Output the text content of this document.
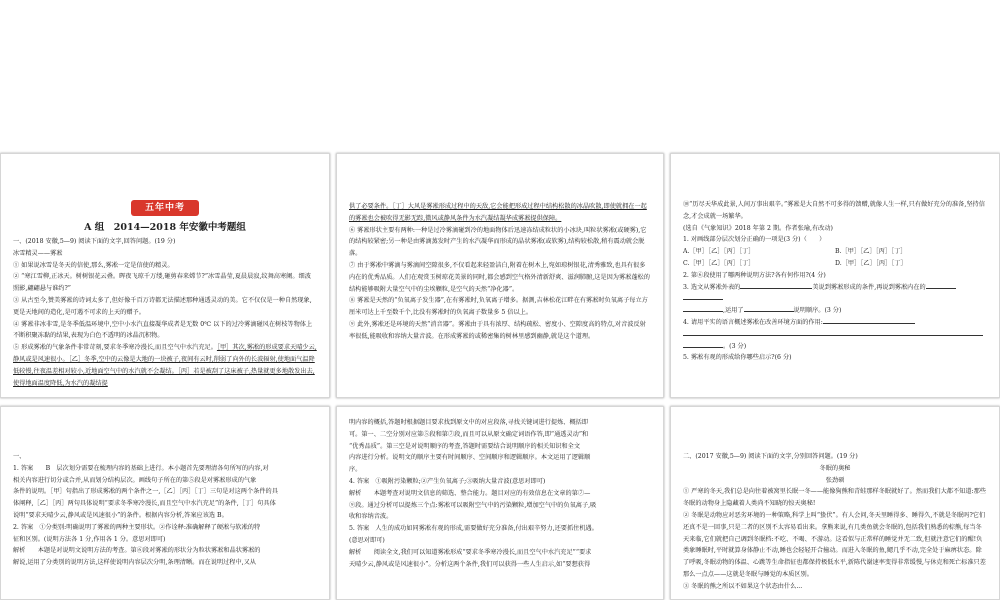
五年中考
A 组　2014—2018 年安徽中考题组
一、(2018 安徽,5—9) 阅读下面的文字,回答问题。(19 分)
冰雪精灵——雾凇
① 如果说冰雪是冬天的信使,那么,雾凇一定是信使的精灵。
② “寒江雪柳,正冰天。树树银花云叠。晖夜飞琼千万缕,砸剪春来嫦节?”冰雪晶莹,夏晨晨寂,纹舞高寒阑。细波照影,翩翩悬与谁约?”
③ 从古至今,赞美雾凇的诗词太多了,但好像千百万诗都无法描述那种通透灵动的美。它不仅仅是一种自然现象,更是天地间的造化,是可遇不可求的上天的赠予。
④ 雾凇非冰非雪,是冬季低温环境中,空中小水汽直接凝华成者是无数 0℃ 以下的过冷雾滴碰风在树枝等物体上不断积聚冻黏的结果,表现为白色不透明的冰晶沉积物。
⑤ 形成雾凇的气象条件非常苛刻,要求冬季寒冷漫长,而且空气中水汽充足。［甲］其次,雾凇的形成要求天晴少云,静风或是风速很小。［乙］冬季,空中的云像是大地的一块被子,夜间有云时,削弱了向外的长波辐射,使地面气温降低较慢,往夜温差相对较小,近地面空气中的水汽就不会凝结。［丙］若是被刮了这床被子,热量就更多地散发出去,使得地面温度降低,为水汽的凝结提
供了必要条件。［丁］大风是雾凇形成过程中的天敌,它会能把形成过程中结构松散的冰晶吹散,即使就拥在一起的雾凇也会被吹得无影无踪,微风或静风条件为水汽凝结凝华成雾凇提供保障。
⑥ 雾凇形状主要有两种:一种是过冷雾滴碰到冷的地面物体后迅速冻结成粒状的小冰块,叫粒状雾凇(或硬雾),它的结构较紧密;另一种是由雾滴蒸发时产生的水汽凝华而形成的晶状雾凇(或软雾),结构较松散,稍有震动就会脱落。
⑦ 由于雾凇中雾滴与雾滴间空隙很多,不仅看起来轻盈洁白,附着在树木上,宛如琼树银花,清秀雅致,也具有很多内在的优秀品质。人们在观赏玉树琼花美景的同时,都会感到空气格外清新舒爽、滋润肺腑,这是因为雾凇蓬松的结构能够吸附大量空气中的尘埃颗粒,是空气的天然“净化器”。
⑧ 雾凇是天然的“负氧离子发生器”,在有雾凇时,负氧离子增多。据测,吉林松花江畔在有雾凇时负氧离子每立方厘米可达上千至数千个,比没有雾凇时的负氧离子数量多 5 倍以上。
⑨ 此外,雾凇还是环境的天然“消音器”。雾凇由于具有浓厚、结构疏松、密度小、空隙度高的特点,对音波反射率很低,能吸收和容纳大量音波。在形成雾凇的或稀密集的树林里感到幽静,就是这个道理。
⑩“历尽天华成此景,人间万事出艰辛。”雾凇是大自然不可多得的馈赠,就像人生一样,只有做好充分的准备,坚持信念,才会成就一场繁华。
(选自《气象知识》2018 年第 2 期。作者张瑜,有改动)
1. 对画线部分层次划分正确的一项是(3 分)（　　）
A.［甲］［乙］［丙］［丁］	B.［甲］［乙］［丙］［丁］
C.［甲］［乙］［丙］［丁］	D.［甲］［乙］［丙］［丁］
2. 第⑥段使用了哪两种说明方法?各有何作用?(4 分)
3. 选文从雾凇外表的	美说到雾凇形成的条件,再说到雾凇内在的
,运用了	说明顺序。(3 分)
4. 请用平实的语言概述雾凇在改善环境方面的作用:
。(3 分)
5. 雾凇有观的形成给你哪些启示?(6 分)
一、
1. 答案　　B　层次划分需要在梳理内容的基础上进行。本小题首先要理清各句所写的内容,对
相关内容进行切分或合并,从而划分结构层次。画线句子所在的第⑤段是对雾凇形成的气象
条件的说明。［甲］句指出了形成雾凇的两个条件之一,［乙］［丙］［丁］三句是对这两个条件的具
体阐释,［乙］［丙］两句具体说明“要求冬季寒冷漫长,而且空气中水汽充足”的条件,［丁］句具体
说明“要求天晴少云,静风或是风速很小”的条件。根据内容分析,答案应该选 B。
2. 答案　①分类别:明确说明了雾凇的两种主要形状。②作诠释:准确解释了硬凇与软凇的特
征和区别。(说明方法各 1 分,作用各 1 分。意思对即可)
解析　　本题是对说明文说明方法的考查。第⑥段对雾凇的形状分为粒状雾凇和晶状雾凇的
解说,运用了分类别的说明方法,这样使说明内容层次分明,条理清晰。而在说明过程中,又从
明内容的概括,答题时根据题目要求找到原文中的对应段落,寻找关键词进行提炼、概括即
可。第一、二空分别对应第⑤段和第⑦段,而且可以从原文确定词语作答,即“通透灵动”和
“优秀品质”。第三空是对说明顺序的考查,答题时需要结合说明顺序的相关知识和全文
内容进行分析。说明文的顺序主要有时间顺序、空间顺序和逻辑顺序。本文运用了逻辑顺
序。
4. 答案　①吸附污染颗粒;②产生负氧离子;③吸纳大量音波(意思对即可)
解析　　本题考查对说明文信息的筛选、整合能力。题目对应的有效信息在文章的第⑦—
⑨段。通过分析可以提炼三个点:雾凇可以吸附空气中的污染颗粒,增加空气中的负氧离子,吸
收和容纳音波。
5. 答案　人生的成功如同雾凇有观的形成,需要做好充分准备,付出艰辛努力,还要抓住机遇。
(意思对即可)
解析　　阅读全文,我们可以知道雾凇形成“要求冬季寒冷漫长,而且空气中水汽充足”“要求
天晴少云,静风或是风速很小”。分析这两个条件,我们可以获得一些人生启示,如“要想获得
二、(2017 安徽,5—9) 阅读下面的文字,分别回答问题。(19 分)
冬眠的奥秘
张劲硕
① 严寒的冬天,我们总是向往着被窝里长眠一冬——能像狗熊和青蛙那样冬眠就好了。然而我们大都不知道:那些冬眠的动物身上隐藏着人类尚不知晓的惊天奥秘!
② 冬眠是动物应对恶劣环境的一种策略,科学上叫“蛰伏”。有人会问,冬天里睡得多、睡得久,不就是冬眠吗?它们还真不是一回事,只是二者的区别不太容易看出来。拿熊来说,有几类鱼就会冬眠的,包括我们熟悉的棕熊,每当冬天来临,它们就把自己调到冬眠档:不吃、不喝、不游动。这看似与正常样的睡觉并无二致,但就注意它们的醒!负类象睡眠时,平时就算身体静止不动,睡也会轻轻开合撞动。而进入冬眠的鱼,鳃几乎不动,完全处于麻痹状态。除了呼吸,冬眠动物的体温、心跳等生命指征也都保持极低水平,新陈代谢速率变得非常缓慢,与休克和死亡标准只差那么一点点——这就是冬眠与睡觉的本质区别。
③ 冬眠的熊之所以不如果这个状态由什么...
